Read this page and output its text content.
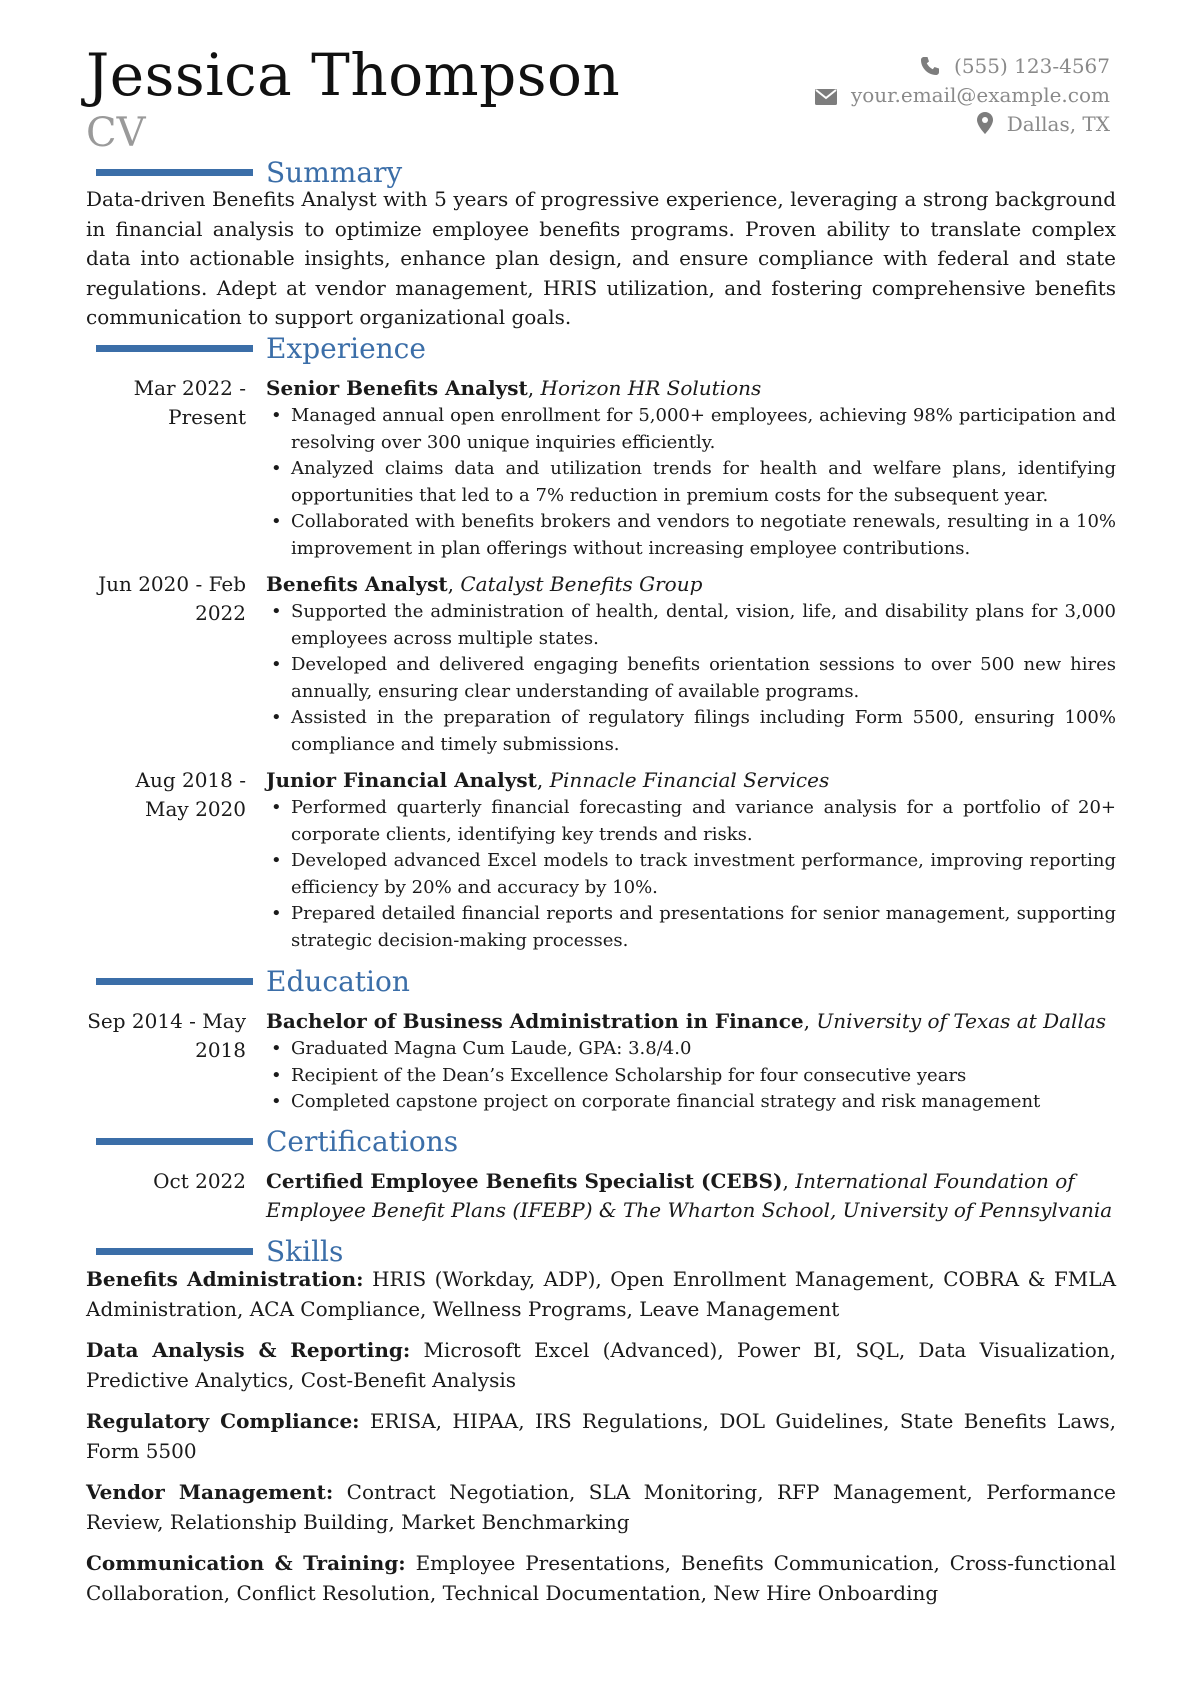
Jessica Thompson
CV
(555) 123-4567
your.email@example.com
Dallas, TX
Summary
Data-driven Benefits Analyst with 5 years of progressive experience, leveraging a strong background in financial analysis to optimize employee benefits programs. Proven ability to translate complex data into actionable insights, enhance plan design, and ensure compliance with federal and state regulations. Adept at vendor management, HRIS utilization, and fostering comprehensive benefits communication to support organizational goals.
Experience
Mar 2022 - Present
Senior Benefits Analyst, Horizon HR Solutions
• Managed annual open enrollment for 5,000+ employees, achieving 98% participation and resolving over 300 unique inquiries efficiently.
• Analyzed claims data and utilization trends for health and welfare plans, identifying opportunities that led to a 7% reduction in premium costs for the subsequent year.
• Collaborated with benefits brokers and vendors to negotiate renewals, resulting in a 10% improvement in plan offerings without increasing employee contributions.
Jun 2020 - Feb 2022
Benefits Analyst, Catalyst Benefits Group
• Supported the administration of health, dental, vision, life, and disability plans for 3,000 employees across multiple states.
• Developed and delivered engaging benefits orientation sessions to over 500 new hires annually, ensuring clear understanding of available programs.
• Assisted in the preparation of regulatory filings including Form 5500, ensuring 100% compliance and timely submissions.
Aug 2018 - May 2020
Junior Financial Analyst, Pinnacle Financial Services
• Performed quarterly financial forecasting and variance analysis for a portfolio of 20+ corporate clients, identifying key trends and risks.
• Developed advanced Excel models to track investment performance, improving reporting efficiency by 20% and accuracy by 10%.
• Prepared detailed financial reports and presentations for senior management, supporting strategic decision-making processes.
Education
Sep 2014 - May 2018
Bachelor of Business Administration in Finance, University of Texas at Dallas
• Graduated Magna Cum Laude, GPA: 3.8/4.0
• Recipient of the Dean’s Excellence Scholarship for four consecutive years
• Completed capstone project on corporate financial strategy and risk management
Certifications
Oct 2022 Certified Employee Benefits Specialist (CEBS), International Foundation of Employee Benefit Plans (IFEBP) & The Wharton School, University of Pennsylvania
Skills
Benefits Administration: HRIS (Workday, ADP), Open Enrollment Management, COBRA & FMLA Administration, ACA Compliance, Wellness Programs, Leave Management
Data Analysis & Reporting: Microsoft Excel (Advanced), Power BI, SQL, Data Visualization, Predictive Analytics, Cost-Benefit Analysis
Regulatory Compliance: ERISA, HIPAA, IRS Regulations, DOL Guidelines, State Benefits Laws, Form 5500
Vendor Management: Contract Negotiation, SLA Monitoring, RFP Management, Performance Review, Relationship Building, Market Benchmarking
Communication & Training: Employee Presentations, Benefits Communication, Cross-functional Collaboration, Conflict Resolution, Technical Documentation, New Hire Onboarding
